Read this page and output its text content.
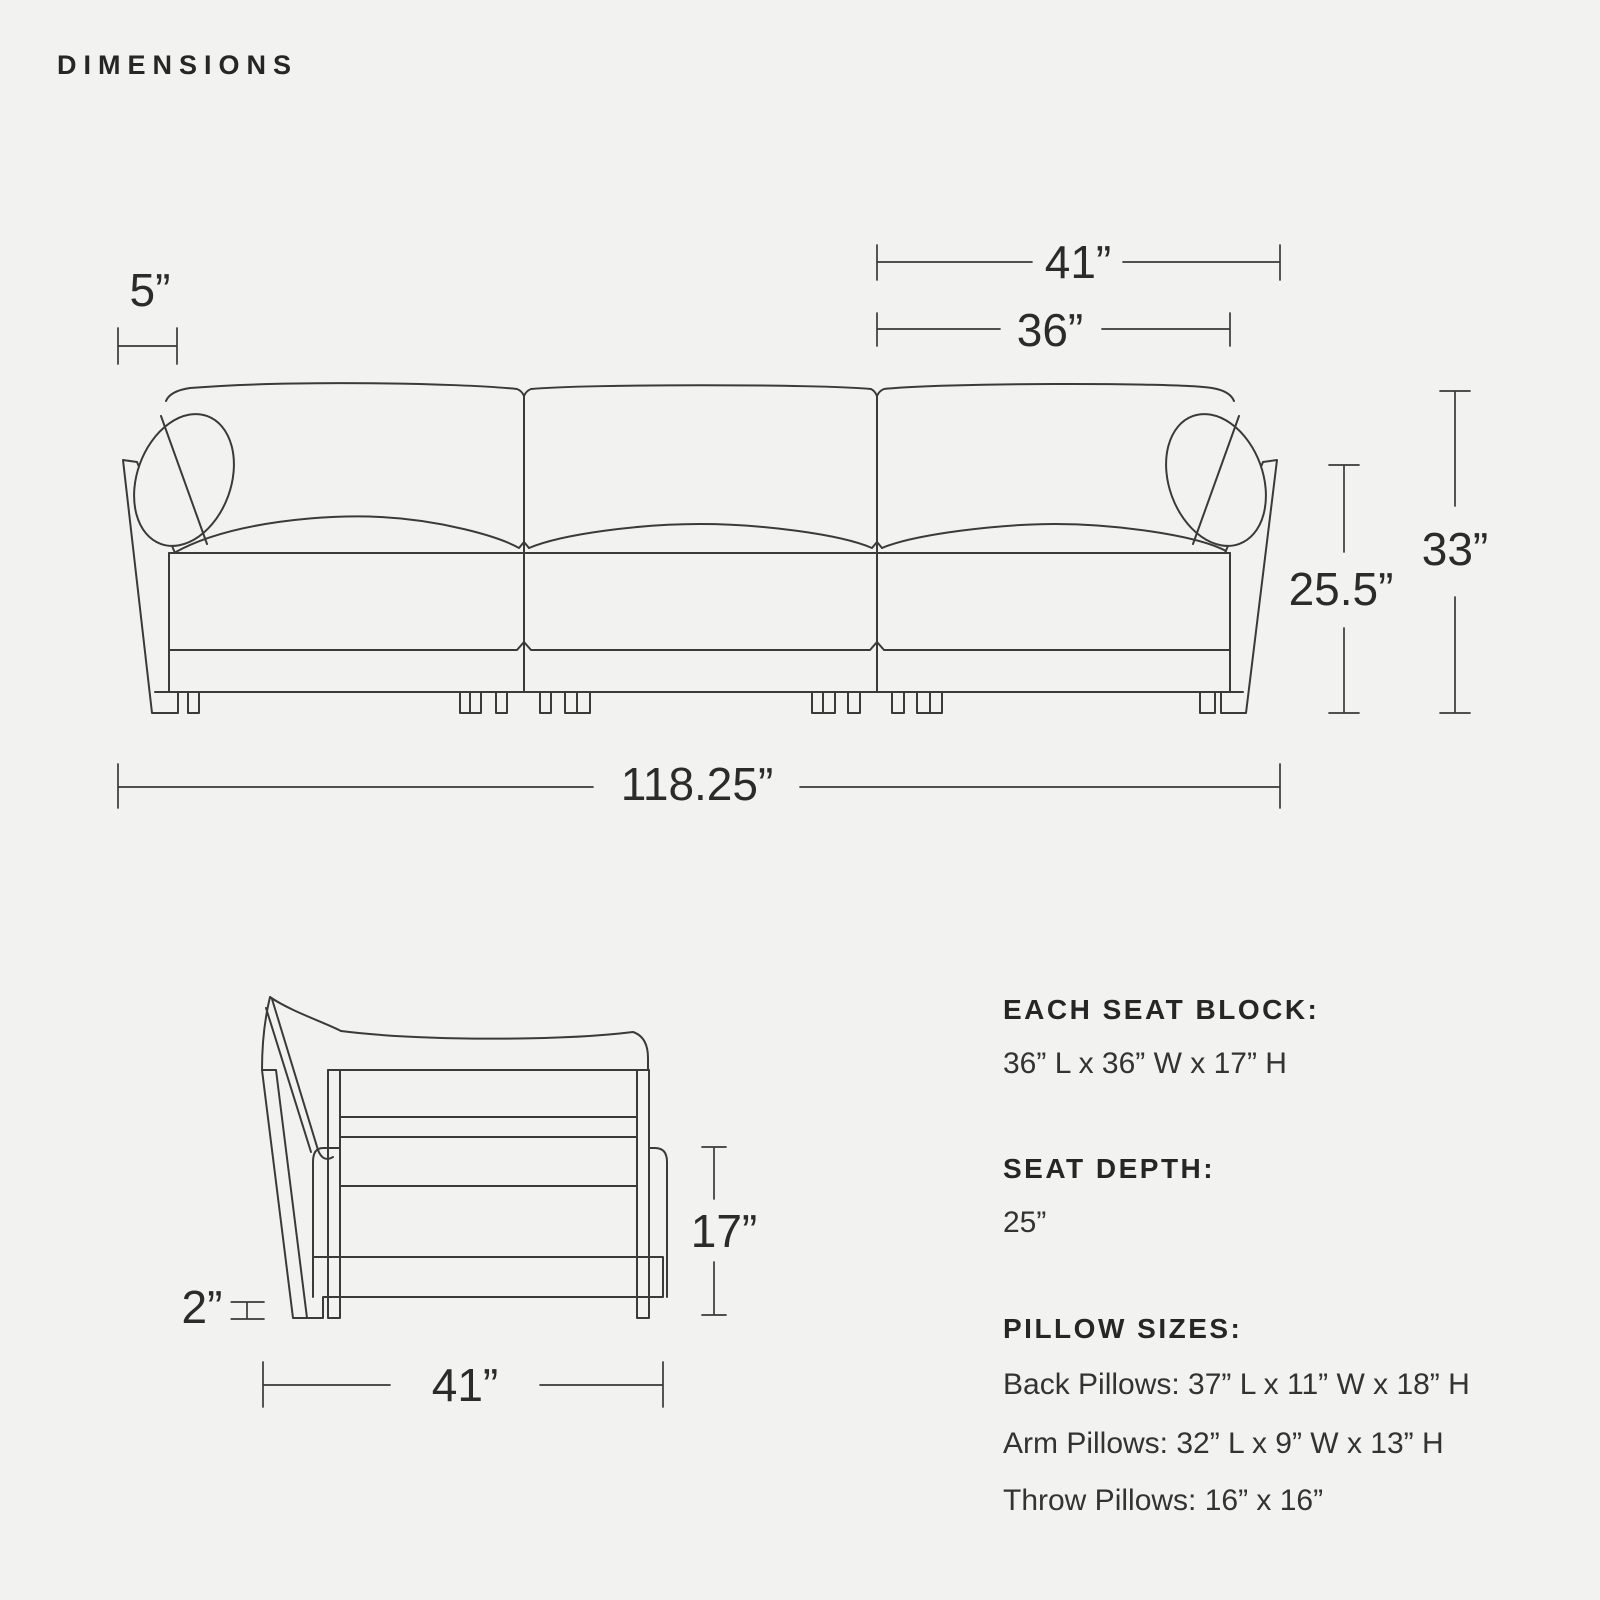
DIMENSIONS
5”
41”
36”
33”
25.5”
118.25”
2”
17”
41”
EACH SEAT BLOCK:
36” L x 36” W x 17” H
SEAT DEPTH:
25”
PILLOW SIZES:
Back Pillows: 37” L x 11” W x 18” H
Arm Pillows: 32” L x 9” W x 13” H
Throw Pillows: 16” x 16”
